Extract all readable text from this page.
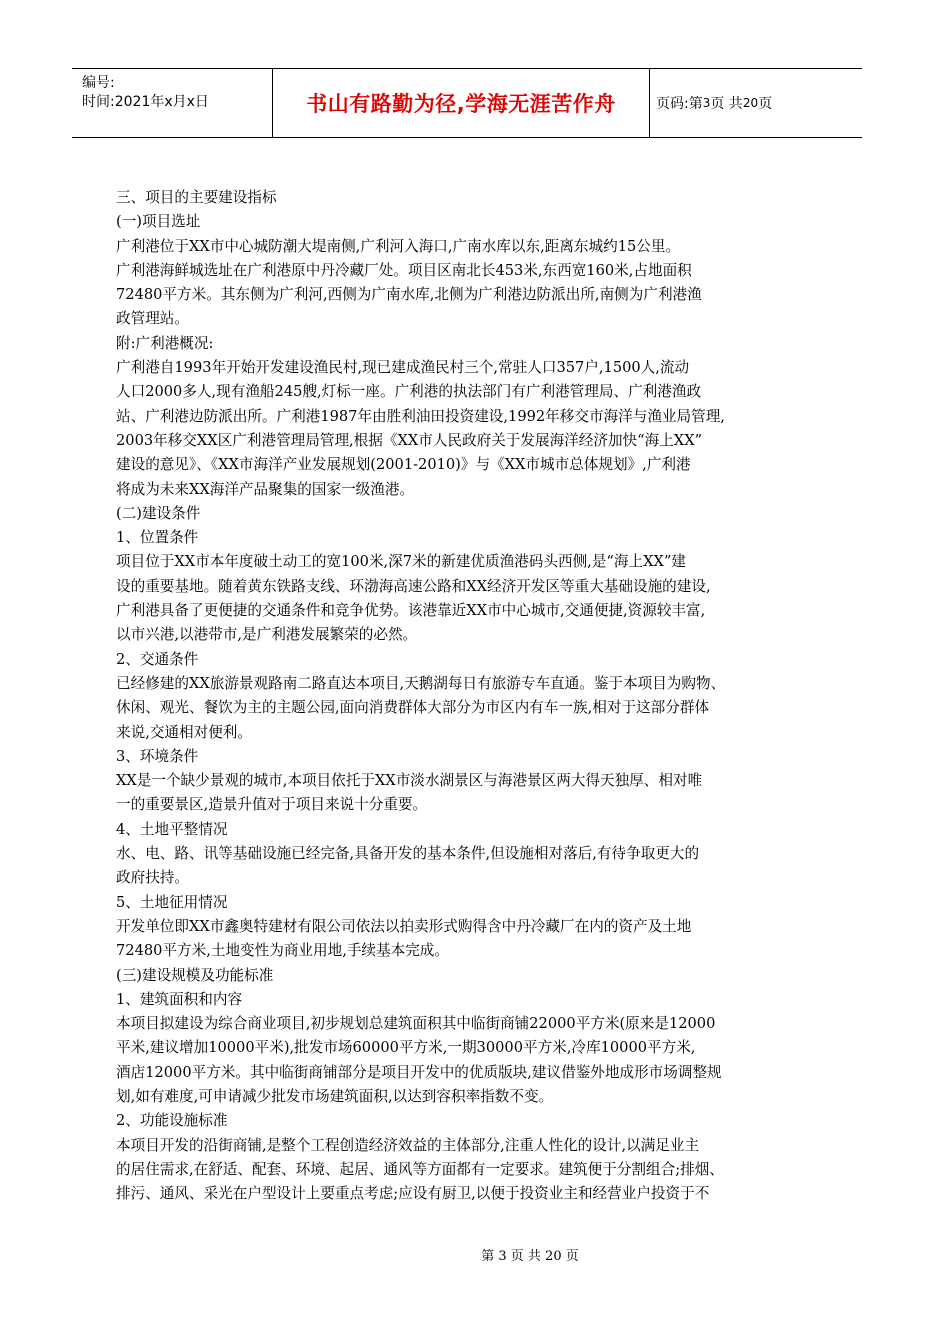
编号:
时间:2021年x月x日	书山有路勤为径,学海无涯苦作舟	页码:第 3 页 共 20 页

三、项目的主要建设指标

(一)项目选址

广利港位于XX市中心城防潮大堤南侧,广利河入海口,广南水库以东,距离东城约15公里。

广利港海鲜城选址在广利港原中丹冷藏厂处。项目区南北长453米,东西宽160米,占地面积

72480平方米。其东侧为广利河,西侧为广南水库,北侧为广利港边防派出所,南侧为广利港渔

政管理站。

附:广利港概况:

广利港自1993年开始开发建设渔民村,现已建成渔民村三个,常驻人口357户,1500人,流动

人口2000多人,现有渔船245艘,灯标一座。广利港的执法部门有广利港管理局、广利港渔政

站、广利港边防派出所。广利港1987年由胜利油田投资建设,1992年移交市海洋与渔业局管理,

2003年移交XX区广利港管理局管理,根据《XX市人民政府关于发展海洋经济加快“海上XX”

建设的意见》、《XX市海洋产业发展规划(2001-2010)》与《XX市城市总体规划》,广利港

将成为未来XX海洋产品聚集的国家一级渔港。

(二)建设条件

1、位置条件

项目位于XX市本年度破土动工的宽100米,深7米的新建优质渔港码头西侧,是“海上XX”建

设的重要基地。随着黄东铁路支线、环渤海高速公路和XX经济开发区等重大基础设施的建设,

广利港具备了更便捷的交通条件和竞争优势。该港靠近XX市中心城市,交通便捷,资源较丰富,

以市兴港,以港带市,是广利港发展繁荣的必然。

2、交通条件

已经修建的XX旅游景观路南二路直达本项目,天鹅湖每日有旅游专车直通。鉴于本项目为购物、

休闲、观光、餐饮为主的主题公园,面向消费群体大部分为市区内有车一族,相对于这部分群体

来说,交通相对便利。

3、环境条件

XX是一个缺少景观的城市,本项目依托于XX市淡水湖景区与海港景区两大得天独厚、相对唯

一的重要景区,造景升值对于项目来说十分重要。

4、土地平整情况

水、电、路、讯等基础设施已经完备,具备开发的基本条件,但设施相对落后,有待争取更大的

政府扶持。

5、土地征用情况

开发单位即XX市鑫奥特建材有限公司依法以拍卖形式购得含中丹冷藏厂在内的资产及土地

72480平方米,土地变性为商业用地,手续基本完成。

(三)建设规模及功能标准

1、建筑面积和内容

本项目拟建设为综合商业项目,初步规划总建筑面积其中临街商铺22000平方米(原来是12000

平米,建议增加10000平米),批发市场60000平方米,一期30000平方米,冷库10000平方米,

酒店12000平方米。其中临街商铺部分是项目开发中的优质版块,建议借鉴外地成形市场调整规

划,如有难度,可申请减少批发市场建筑面积,以达到容积率指数不变。

2、功能设施标准

本项目开发的沿街商铺,是整个工程创造经济效益的主体部分,注重人性化的设计,以满足业主

的居住需求,在舒适、配套、环境、起居、通风等方面都有一定要求。建筑便于分割组合;排烟、

排污、通风、采光在户型设计上要重点考虑;应设有厨卫,以便于投资业主和经营业户投资于不

第 3 页 共 20 页
